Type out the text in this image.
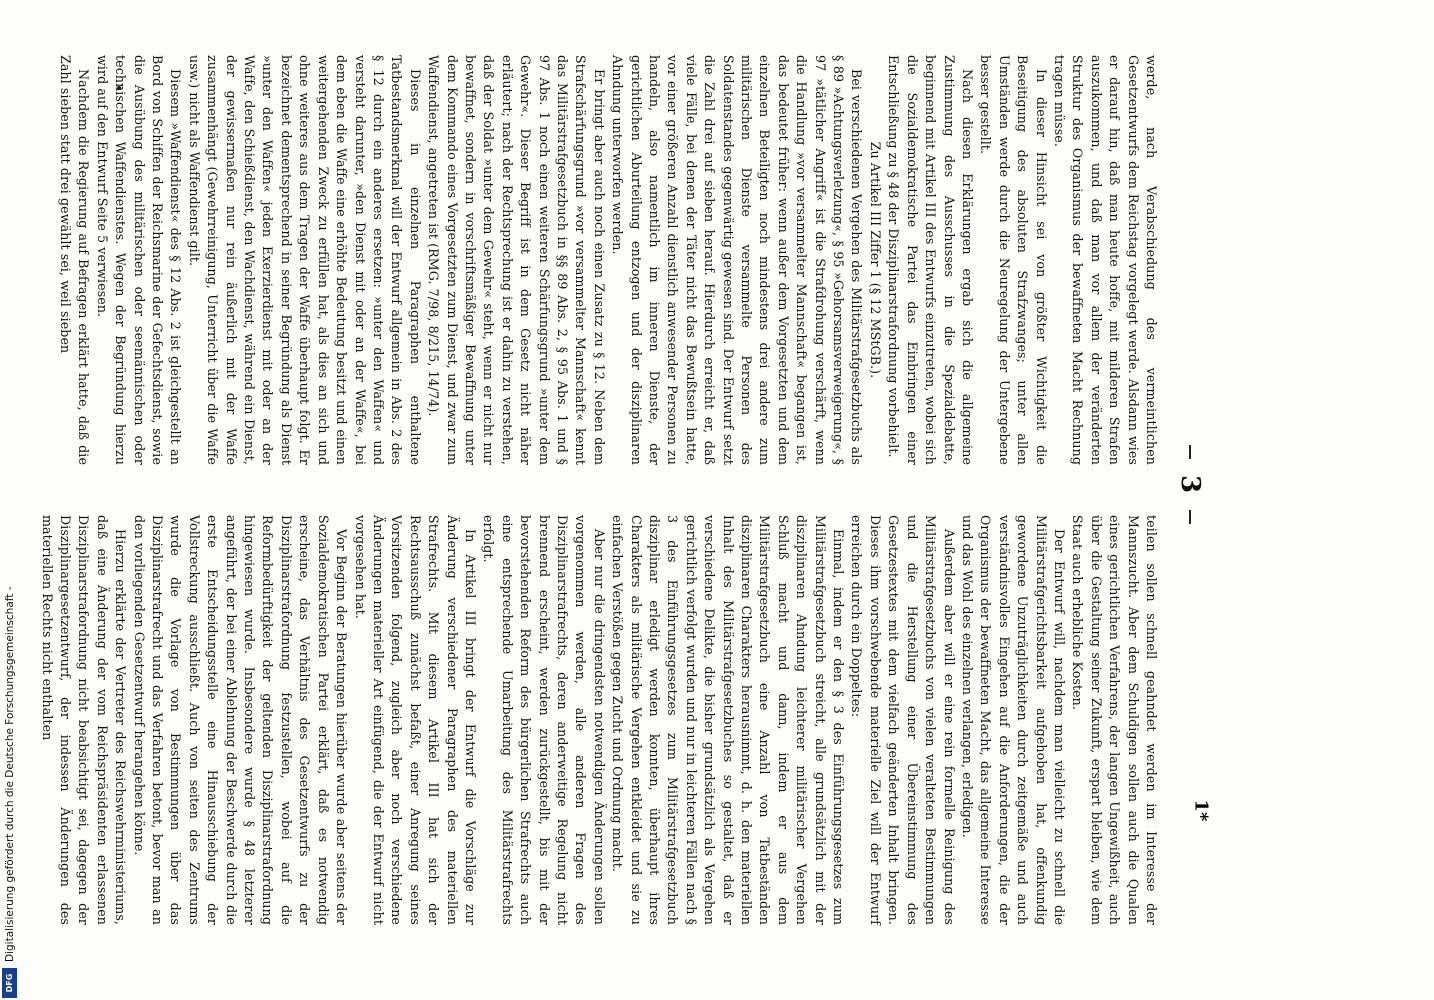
3

werde, nach Verabschiedung des vermeintlichen Gesetzentwurfs dem Reichstag vorgelegt werde. Alsdann wies er darauf hin, daß man heute hoffe, mit milderen Strafen auszukommen, und daß man vor allem der veränderten Struktur des Organismus der bewaffneten Macht Rechnung tragen müsse.

In dieser Hinsicht sei von größter Wichtigkeit die Beseitigung des absoluten Strafzwanges; unter allen Umständen werde durch die Neuregelung der Untergebene besser gestellt.

Nach diesen Erklärungen ergab sich die allgemeine Zustimmung des Ausschusses in die Spezialdebatte, beginnend mit Artikel III des Entwurfs einzutreten, wobei sich die Sozialdemokratische Partei das Einbringen einer Entschließung zu § 48 der Disziplinarstrafordnung vorbehielt.

Zu Artikel III Ziffer 1 (§ 12 MStGB.).

Bei verschiedenen Vergehen des Militärstrafgesetzbuchs als § 89 »Achtungsverletzung«, § 95 »Gehorsamsverweigerung«, § 97 »tätlicher Angriff« ist die Strafdrohung verschärft, wenn die Handlung »vor versammelter Mannschaft« begangen ist, das bedeutet früher: wenn außer dem Vorgesetzten und dem einzelnen Beteiligten noch mindestens drei andere zum militärischen Dienste versammelte Personen des Soldatenstandes gegenwärtig gewesen sind. Der Entwurf setzt die Zahl drei auf sieben herauf. Hierdurch erreicht er, daß viele Fälle, bei denen der Täter nicht das Bewußtsein hatte, vor einer größeren Anzahl dienstlich anwesender Personen zu handeln, also namentlich im inneren Dienste, der gerichtlichen Aburteilung entzogen und der disziplinaren Ahndung unterworfen werden.

Er bringt aber auch noch einen Zusatz zu § 12. Neben dem Strafschärfungsgrund »vor versammelter Mannschaft« kennt das Militärstrafgesetzbuch in §§ 89 Abs. 2, § 95 Abs. 1 und § 97 Abs. 1 noch einen weiteren Schärfungsgrund »unter dem Gewehr«. Dieser Begriff ist in dem Gesetz nicht näher erläutert; nach der Rechtsprechung ist er dahin zu verstehen, daß der Soldat »unter dem Gewehr« steht, wenn er nicht nur bewaffnet, sondern in vorschriftsmäßiger Bewaffnung unter dem Kommando eines Vorgesetzten zum Dienst, und zwar zum Waffendienst, angetreten ist (RMG. 7/98, 8/215, 14/74).

Dieses in einzelnen Paragraphen enthaltene Tatbestandsmerkmal will der Entwurf allgemein in Abs. 2 des § 12 durch ein anderes ersetzen: »unter den Waffen« und versteht darunter, »den Dienst mit oder an der Waffe«, bei dem eben die Waffe eine erhöhte Bedeutung besitzt und einen weitergehenden Zweck zu erfüllen hat, als dies an sich und ohne weiteres aus dem Tragen der Waffe überhaupt folgt. Er bezeichnet dementsprechend in seiner Begründung als Dienst »unter den Waffen« jeden Exerzierdienst mit oder an der Waffe, den Schießdienst, den Wachdienst, während ein Dienst, der gewissermaßen nur rein äußerlich mit der Waffe zusammenhängt (Gewehrreinigung, Unterricht über die Waffe usw.) nicht als Waffendienst gilt.

Diesem »Waffendienst« des § 12 Abs. 2 ist gleichgestellt an Bord von Schiffen der Reichsmarine der Gefechtsdienst, sowie die Ausübung des militärischen oder seemännischen oder technischen Waffendienstes. Wegen der Begründung hierzu wird auf den Entwurf Seite 5 verwiesen.

Nachdem die Regierung auf Befragen erklärt hatte, daß die Zahl sieben statt drei gewählt sei, weil sieben

teilen sollen schnell geahndet werden im Interesse der Mannszucht. Aber dem Schuldigen sollen auch die Qualen eines gerichtlichen Verfahrens, der langen Ungewißheit, auch über die Gestaltung seiner Zukunft, erspart bleiben, wie dem Staat auch erhebliche Kosten.

Der Entwurf will, nachdem man vielleicht zu schnell die Militärstrafgerichtsbarkeit aufgehoben hat, offenkundig gewordene Unzuträglichkeiten durch zeitgemäße und auch verständnisvolles Eingehen auf die Anforderungen, die der Organismus der bewaffneten Macht, das allgemeine Interesse und das Wohl des einzelnen verlangen, erledigen.

Außerdem aber will er eine rein formelle Reinigung des Militärstrafgesetzbuchs von vielen veralteten Bestimmungen und die Herstellung einer Übereinstimmung des Gesetzestextes mit dem vielfach geänderten Inhalt bringen. Dieses ihm vorschwebende materielle Ziel will der Entwurf erreichen durch ein Doppeltes:

Einmal, indem er den § 3 des Einführungsgesetzes zum Militärstrafgesetzbuch streicht, alle grundsätzlich mit der disziplinaren Ahndung leichterer militärischer Vergehen Schluß macht und dann, indem er aus dem Militärstrafgesetzbuch eine Anzahl von Tatbeständen disziplinaren Charakters herausnimmt, d. h. den materiellen Inhalt des Militärstrafgesetzbuches so gestaltet, daß er verschiedene Delikte, die bisher grundsätzlich als Vergehen gerichtlich verfolgt wurden und nur in leichteren Fällen nach § 3 des Einführungsgesetzes zum Militärstrafgesetzbuch disziplinar erledigt werden konnten, überhaupt ihres Charakters als militärische Vergehen entkleidet und sie zu einfachen Verstößen gegen Zucht und Ordnung macht.

Aber nur die dringendsten notwendigen Änderungen sollen vorgenommen werden, alle anderen Fragen des Disziplinarstrafrechts, deren anderweitige Regelung nicht brennend erscheint, werden zurückgestellt, bis mit der bevorstehenden Reform des bürgerlichen Strafrechts auch eine entsprechende Umarbeitung des Militärstrafrechts erfolgt.

In Artikel III bringt der Entwurf die Vorschläge zur Änderung verschiedener Paragraphen des materiellen Strafrechts. Mit diesem Artikel III hat sich der Rechtsausschuß zunächst befaßt, einer Anregung seines Vorsitzenden folgend, zugleich aber noch verschiedene Änderungen materieller Art einfügend, die der Entwurf nicht vorgesehen hat.

Vor Beginn der Beratungen hierüber wurde aber seitens der Sozialdemokratischen Partei erklärt, daß es notwendig erscheine, das Verhältnis des Gesetzentwurfs zu der Disziplinarstrafordnung festzustellen, wobei auf die Reformbedürftigkeit der geltenden Disziplinarstrafordnung hingewiesen wurde. Insbesondere wurde § 48 letzterer angeführt, der bei einer Ablehnung der Beschwerde durch die erste Entscheidungsstelle eine Hinausschiebung der Vollstreckung ausschließt. Auch von seiten des Zentrums wurde die Vorlage von Bestimmungen über das Disziplinarstrafrecht und das Verfahren betont, bevor man an den vorliegenden Gesetzentwurf herangehen könne.

Hierzu erklärte der Vertreter des Reichswehrministeriums, daß eine Änderung der vom Reichspräsidenten erlassenen Disziplinarstrafordnung nicht beabsichtigt sei, dagegen der Disziplinargesetzentwurf, der indessen Änderungen des materiellen Rechts nicht enthalten

DFG
Digitalisierung gefördert durch die Deutsche Forschungsgemeinschaft -	1*
